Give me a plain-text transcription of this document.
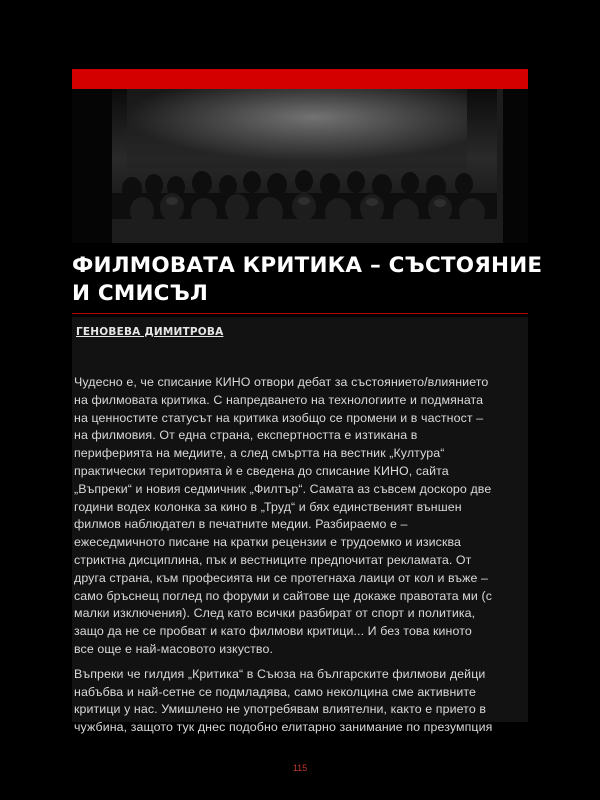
ФИЛМОВАТА КРИТИКА – СЪСТОЯНИЕ
И СМИСЪЛ

ГЕНОВЕВА ДИМИТРОВА

Чудесно е, че списание КИНО отвори дебат за състоянието/влиянието
на филмовата критика. С напредването на технологиите и подмяната
на ценностите статусът на критика изобщо се промени и в частност –
на филмовия. От една страна, експертността е изтикана в
периферията на медиите, а след смъртта на вестник „Култура“
практически територията ѝ е сведена до списание КИНО, сайта
„Въпреки“ и новия седмичник „Филтър“. Самата аз съвсем доскоро две
години водех колонка за кино в „Труд“ и бях единственият външен
филмов наблюдател в печатните медии. Разбираемо е –
ежеседмичното писане на кратки рецензии е трудоемко и изисква
стриктна дисциплина, пък и вестниците предпочитат рекламата. От
друга страна, към професията ни се протегнаха лаици от кол и въже –
само бръснещ поглед по форуми и сайтове ще докаже правотата ми (с
малки изключения). След като всички разбират от спорт и политика,
защо да не се пробват и като филмови критици... И без това киното
все още е най-масовото изкуство.
Въпреки че гилдия „Критика“ в Съюза на българските филмови дейци
набъбва и най-сетне се подмладява, само неколцина сме активните
критици у нас. Умишлено не употребявам влиятелни, както е прието в
чужбина, защото тук днес подобно елитарно занимание по презумпция
115
